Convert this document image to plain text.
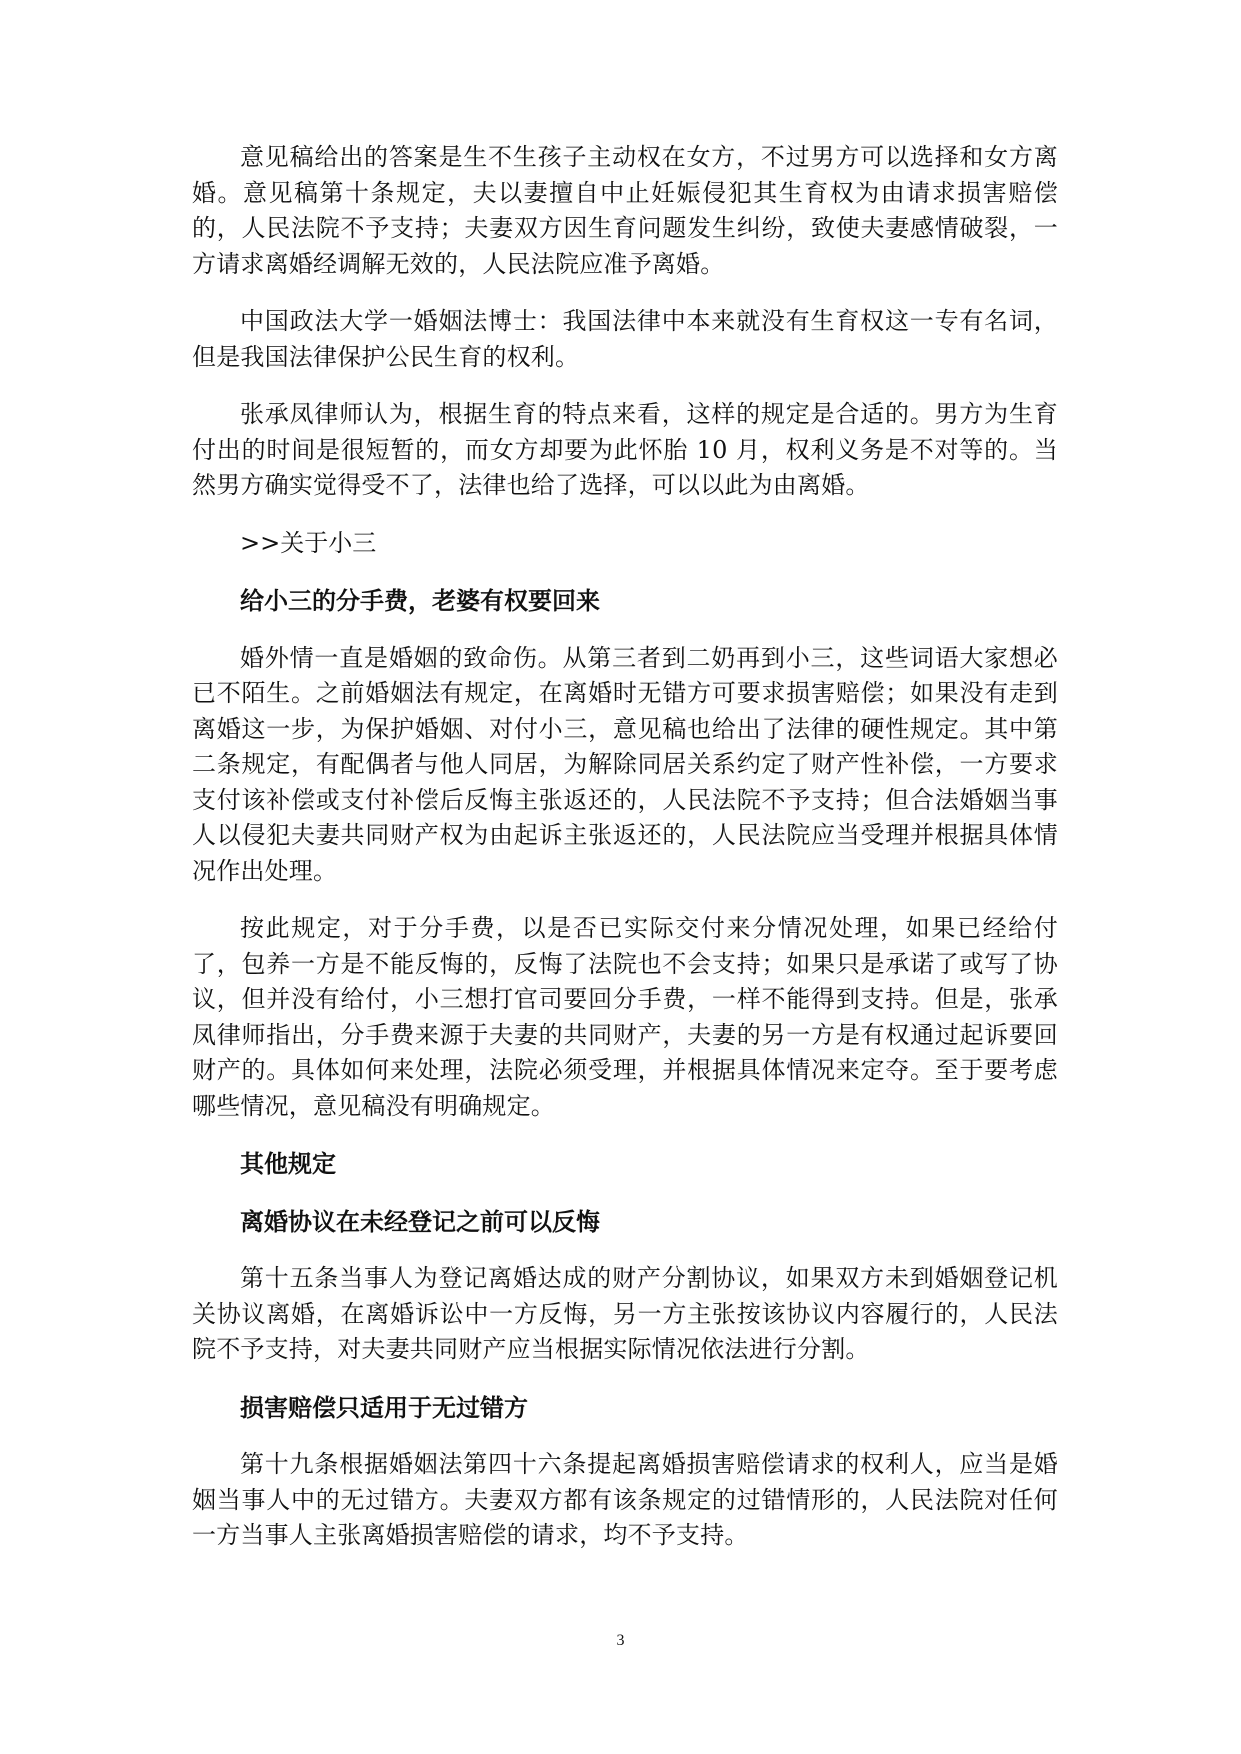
意见稿给出的答案是生不生孩子主动权在女方，不过男方可以选择和女方离婚。意见稿第十条规定，夫以妻擅自中止妊娠侵犯其生育权为由请求损害赔偿的，人民法院不予支持；夫妻双方因生育问题发生纠纷，致使夫妻感情破裂，一方请求离婚经调解无效的，人民法院应准予离婚。

中国政法大学一婚姻法博士：我国法律中本来就没有生育权这一专有名词，但是我国法律保护公民生育的权利。

张承凤律师认为，根据生育的特点来看，这样的规定是合适的。男方为生育付出的时间是很短暂的，而女方却要为此怀胎 10 月，权利义务是不对等的。当然男方确实觉得受不了，法律也给了选择，可以以此为由离婚。

>>关于小三

给小三的分手费，老婆有权要回来

婚外情一直是婚姻的致命伤。从第三者到二奶再到小三，这些词语大家想必已不陌生。之前婚姻法有规定，在离婚时无错方可要求损害赔偿；如果没有走到离婚这一步，为保护婚姻、对付小三，意见稿也给出了法律的硬性规定。其中第二条规定，有配偶者与他人同居，为解除同居关系约定了财产性补偿，一方要求支付该补偿或支付补偿后反悔主张返还的，人民法院不予支持；但合法婚姻当事人以侵犯夫妻共同财产权为由起诉主张返还的，人民法院应当受理并根据具体情况作出处理。

按此规定，对于分手费，以是否已实际交付来分情况处理，如果已经给付了，包养一方是不能反悔的，反悔了法院也不会支持；如果只是承诺了或写了协议，但并没有给付，小三想打官司要回分手费，一样不能得到支持。但是，张承凤律师指出，分手费来源于夫妻的共同财产，夫妻的另一方是有权通过起诉要回财产的。具体如何来处理，法院必须受理，并根据具体情况来定夺。至于要考虑哪些情况，意见稿没有明确规定。

其他规定

离婚协议在未经登记之前可以反悔

第十五条当事人为登记离婚达成的财产分割协议，如果双方未到婚姻登记机关协议离婚，在离婚诉讼中一方反悔，另一方主张按该协议内容履行的，人民法院不予支持，对夫妻共同财产应当根据实际情况依法进行分割。

损害赔偿只适用于无过错方

第十九条根据婚姻法第四十六条提起离婚损害赔偿请求的权利人，应当是婚姻当事人中的无过错方。夫妻双方都有该条规定的过错情形的，人民法院对任何一方当事人主张离婚损害赔偿的请求，均不予支持。

3
